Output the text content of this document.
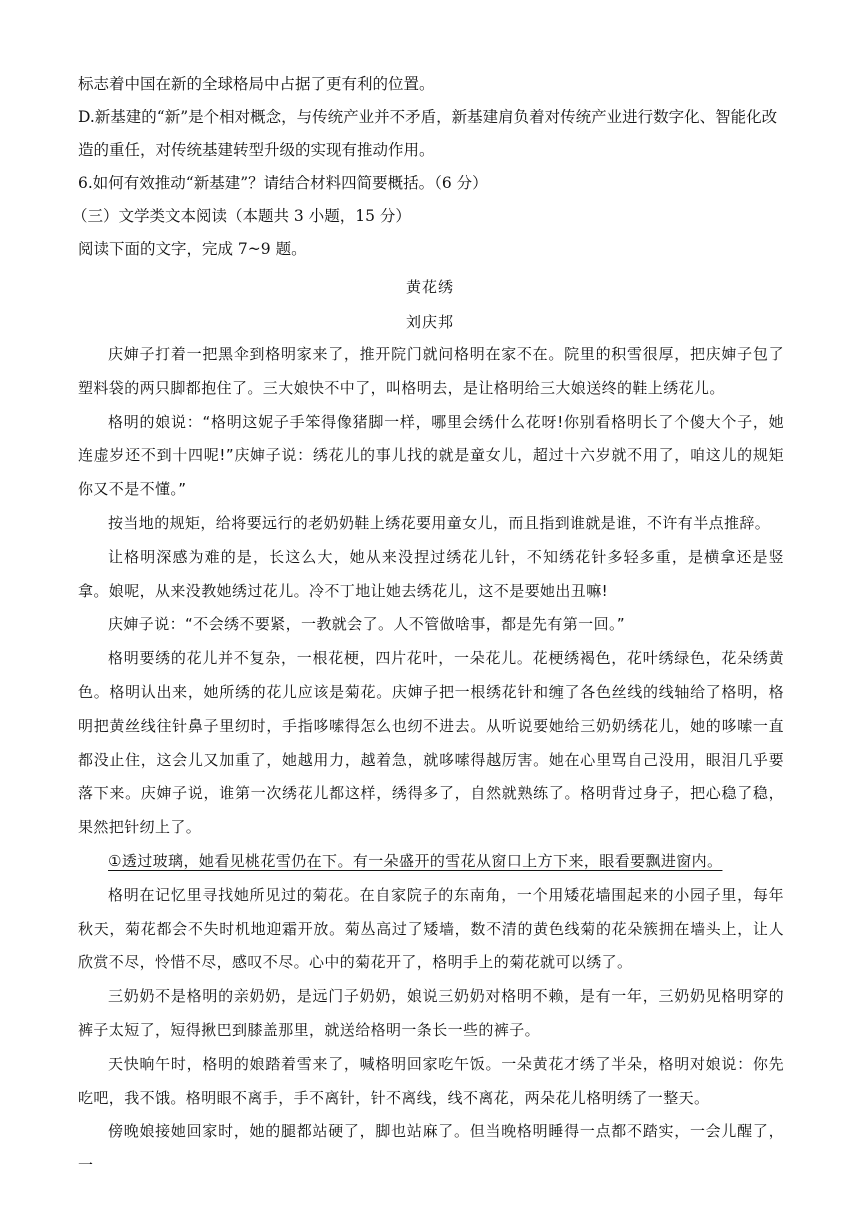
标志着中国在新的全球格局中占据了更有利的位置。
D.新基建的“新”是个相对概念，与传统产业并不矛盾，新基建肩负着对传统产业进行数字化、智能化改
造的重任，对传统基建转型升级的实现有推动作用。
6.如何有效推动“新基建”？请结合材料四简要概括。（6 分）
（三）文学类文本阅读（本题共 3 小题，15 分）
阅读下面的文字，完成 7~9 题。
黄花绣
刘庆邦

庆婶子打着一把黑伞到格明家来了，推开院门就问格明在家不在。院里的积雪很厚，把庆婶子包了塑料袋的两只脚都抱住了。三大娘快不中了，叫格明去，是让格明给三大娘送终的鞋上绣花儿。

格明的娘说：“格明这妮子手笨得像猪脚一样，哪里会绣什么花呀!你别看格明长了个傻大个子，她连虚岁还不到十四呢!”庆婶子说：绣花儿的事儿找的就是童女儿，超过十六岁就不用了，咱这儿的规矩你又不是不懂。”

按当地的规矩，给将要远行的老奶奶鞋上绣花要用童女儿，而且指到谁就是谁，不许有半点推辞。

让格明深感为难的是，长这么大，她从来没捏过绣花儿针，不知绣花针多轻多重，是横拿还是竖拿。娘呢，从来没教她绣过花儿。冷不丁地让她去绣花儿，这不是要她出丑嘛!

庆婶子说：“不会绣不要紧，一教就会了。人不管做啥事，都是先有第一回。”

格明要绣的花儿并不复杂，一根花梗，四片花叶，一朵花儿。花梗绣褐色，花叶绣绿色，花朵绣黄色。格明认出来，她所绣的花儿应该是菊花。庆婶子把一根绣花针和缠了各色丝线的线轴给了格明，格明把黄丝线往针鼻子里纫时，手指哆嗦得怎么也纫不进去。从听说要她给三奶奶绣花儿，她的哆嗦一直都没止住，这会儿又加重了，她越用力，越着急，就哆嗦得越厉害。她在心里骂自己没用，眼泪几乎要落下来。庆婶子说，谁第一次绣花儿都这样，绣得多了，自然就熟练了。格明背过身子，把心稳了稳，果然把针纫上了。

①透过玻璃，她看见桃花雪仍在下。有一朵盛开的雪花从窗口上方下来，眼看要飘进窗内。

格明在记忆里寻找她所见过的菊花。在自家院子的东南角，一个用矮花墙围起来的小园子里，每年秋天，菊花都会不失时机地迎霜开放。菊丛高过了矮墙，数不清的黄色线菊的花朵簇拥在墙头上，让人欣赏不尽，怜惜不尽，感叹不尽。心中的菊花开了，格明手上的菊花就可以绣了。

三奶奶不是格明的亲奶奶，是远门子奶奶，娘说三奶奶对格明不赖，是有一年，三奶奶见格明穿的裤子太短了，短得揪巴到膝盖那里，就送给格明一条长一些的裤子。

天快晌午时，格明的娘踏着雪来了，喊格明回家吃午饭。一朵黄花才绣了半朵，格明对娘说：你先吃吧，我不饿。格明眼不离手，手不离针，针不离线，线不离花，两朵花儿格明绣了一整天。

傍晚娘接她回家时，她的腿都站硬了，脚也站麻了。但当晚格明睡得一点都不踏实，一会儿醒了，一
